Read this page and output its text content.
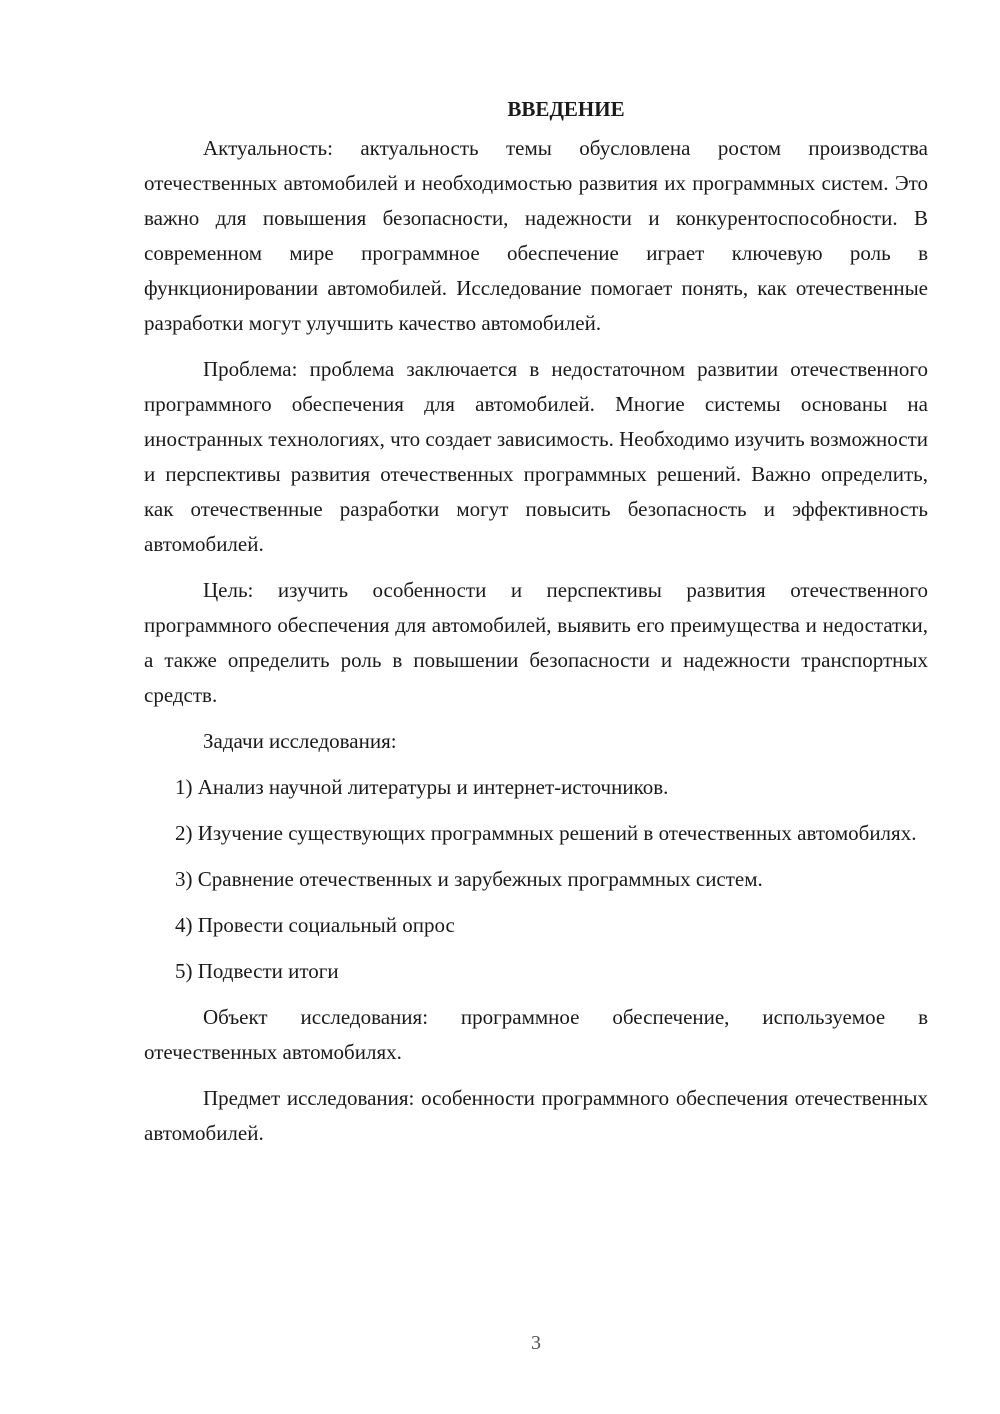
ВВЕДЕНИЕ

Актуальность: актуальность темы обусловлена ростом производства отечественных автомобилей и необходимостью развития их программных систем. Это важно для повышения безопасности, надежности и конкурентоспособности. В современном мире программное обеспечение играет ключевую роль в функционировании автомобилей. Исследование помогает понять, как отечественные разработки могут улучшить качество автомобилей.

Проблема: проблема заключается в недостаточном развитии отечественного программного обеспечения для автомобилей. Многие системы основаны на иностранных технологиях, что создает зависимость. Необходимо изучить возможности и перспективы развития отечественных программных решений. Важно определить, как отечественные разработки могут повысить безопасность и эффективность автомобилей.

Цель: изучить особенности и перспективы развития отечественного программного обеспечения для автомобилей, выявить его преимущества и недостатки, а также определить роль в повышении безопасности и надежности транспортных средств.

Задачи исследования:

1) Анализ научной литературы и интернет-источников.

2) Изучение существующих программных решений в отечественных автомобилях.

3) Сравнение отечественных и зарубежных программных систем.

4) Провести социальный опрос

5) Подвести итоги

Объект исследования: программное обеспечение, используемое в отечественных автомобилях.

Предмет исследования: особенности программного обеспечения отечественных автомобилей.

3
